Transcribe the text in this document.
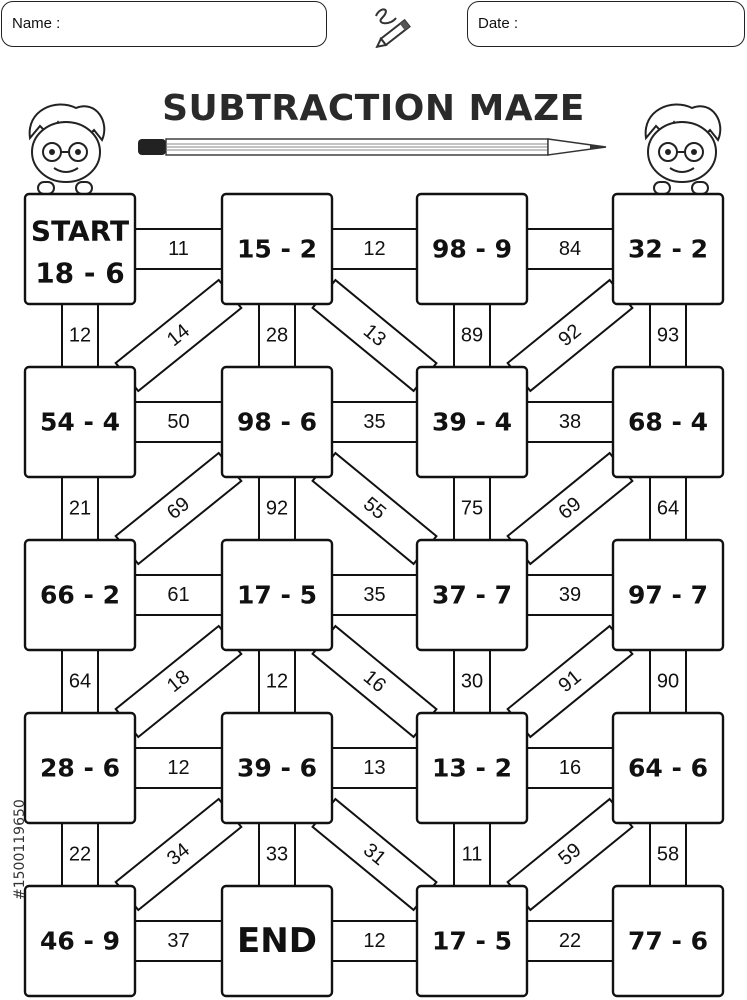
Name :	Date :
SUBTRACTION MAZE
14	13	92
69	55	69
18	16	91
34	31	59
11	12	84
50	35	38
61	35	39
12	13	16
37	12	22
12	28	89	93
21	92	75	64
64	12	30	90
22	33	11	58
START
18 - 6
15 - 2	98 - 9	32 - 2
54 - 4	98 - 6	39 - 4	68 - 4
66 - 2	17 - 5	37 - 7	97 - 7
28 - 6	39 - 6	13 - 2	64 - 6
46 - 9	END	17 - 5	77 - 6
#1500119650
